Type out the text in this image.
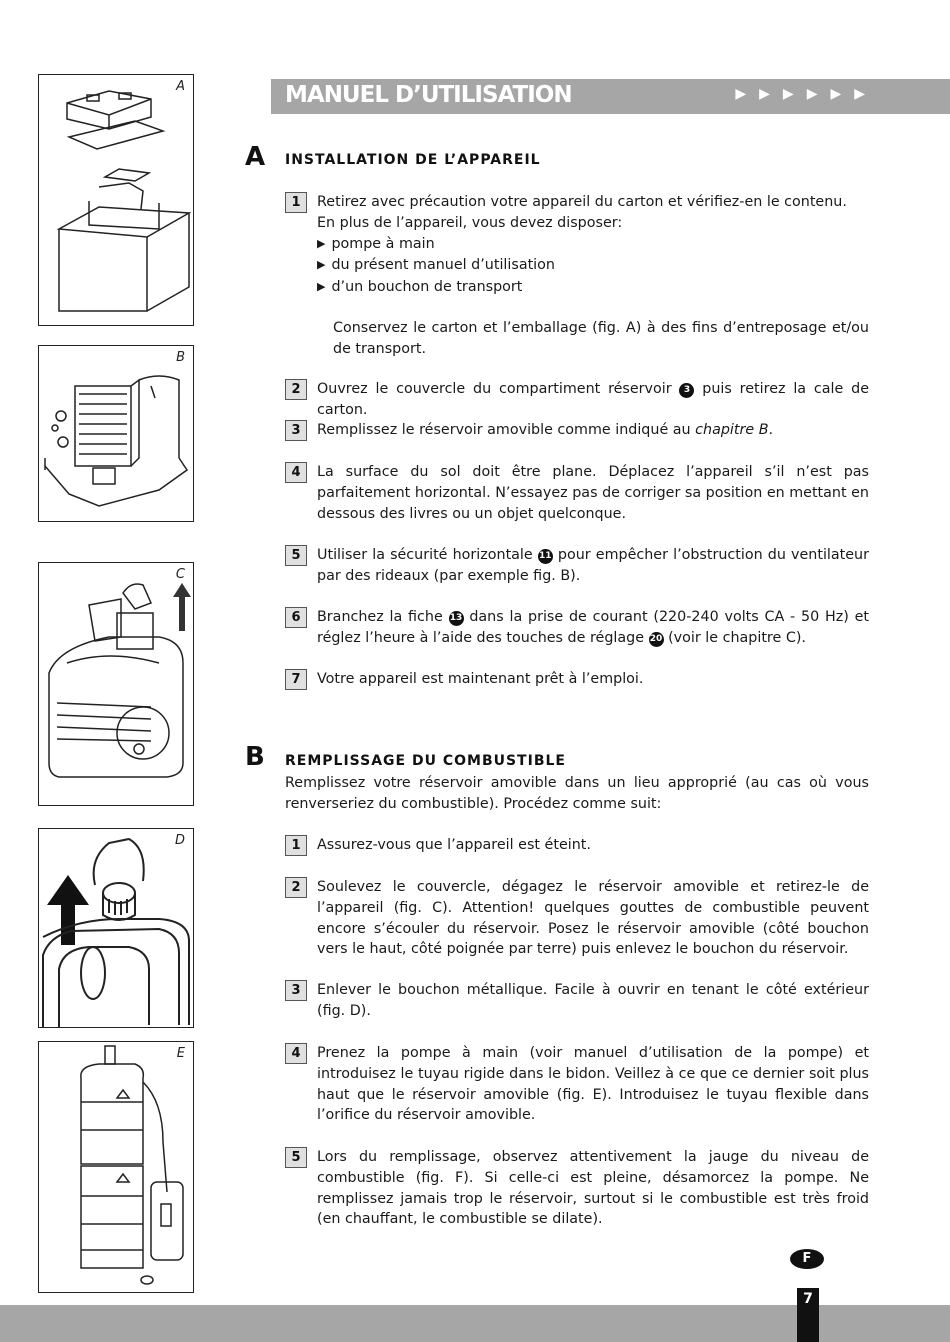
A
B
C
D
E
MANUEL D’UTILISATION	▶▶▶▶▶▶
A INSTALLATION DE L’APPAREIL
1	Retirez avec précaution votre appareil du carton et vérifiez-en le contenu.

En plus de l’appareil, vous devez disposer:

▶ pompe à main

▶ du présent manuel d’utilisation

▶ d’un bouchon de transport

Conservez le carton et l’emballage (fig. A) à des fins d’entreposage et/ou de transport.

2	Ouvrez le couvercle du compartiment réservoir 3 puis retirez la cale de carton.
3	Remplissez le réservoir amovible comme indiqué au chapitre B.
4	La surface du sol doit être plane. Déplacez l’appareil s’il n’est pas parfaitement horizontal. N’essayez pas de corriger sa position en mettant en dessous des livres ou un objet quelconque.
5	Utiliser la sécurité horizontale 11 pour empêcher l’obstruction du ventilateur par des rideaux (par exemple fig. B).
6	Branchez la fiche 13 dans la prise de courant (220-240 volts CA - 50 Hz) et réglez l’heure à l’aide des touches de réglage 20 (voir le chapitre C).
7	Votre appareil est maintenant prêt à l’emploi.
B REMPLISSAGE DU COMBUSTIBLE
Remplissez votre réservoir amovible dans un lieu approprié (au cas où vous renverseriez du combustible). Procédez comme suit:
1	Assurez-vous que l’appareil est éteint.
2	Soulevez le couvercle, dégagez le réservoir amovible et retirez-le de l’appareil (fig. C). Attention! quelques gouttes de combustible peuvent encore s’écouler du réservoir. Posez le réservoir amovible (côté bouchon vers le haut, côté poignée par terre) puis enlevez le bouchon du réservoir.
3	Enlever le bouchon métallique. Facile à ouvrir en tenant le côté extérieur (fig. D).
4	Prenez la pompe à main (voir manuel d’utilisation de la pompe) et introduisez le tuyau rigide dans le bidon. Veillez à ce que ce dernier soit plus haut que le réservoir amovible (fig. E). Introduisez le tuyau flexible dans l’orifice du réservoir amovible.
5	Lors du remplissage, observez attentivement la jauge du niveau de combustible (fig. F). Si celle-ci est pleine, désamorcez la pompe. Ne remplissez jamais trop le réservoir, surtout si le combustible est très froid (en chauffant, le combustible se dilate).
F
7
